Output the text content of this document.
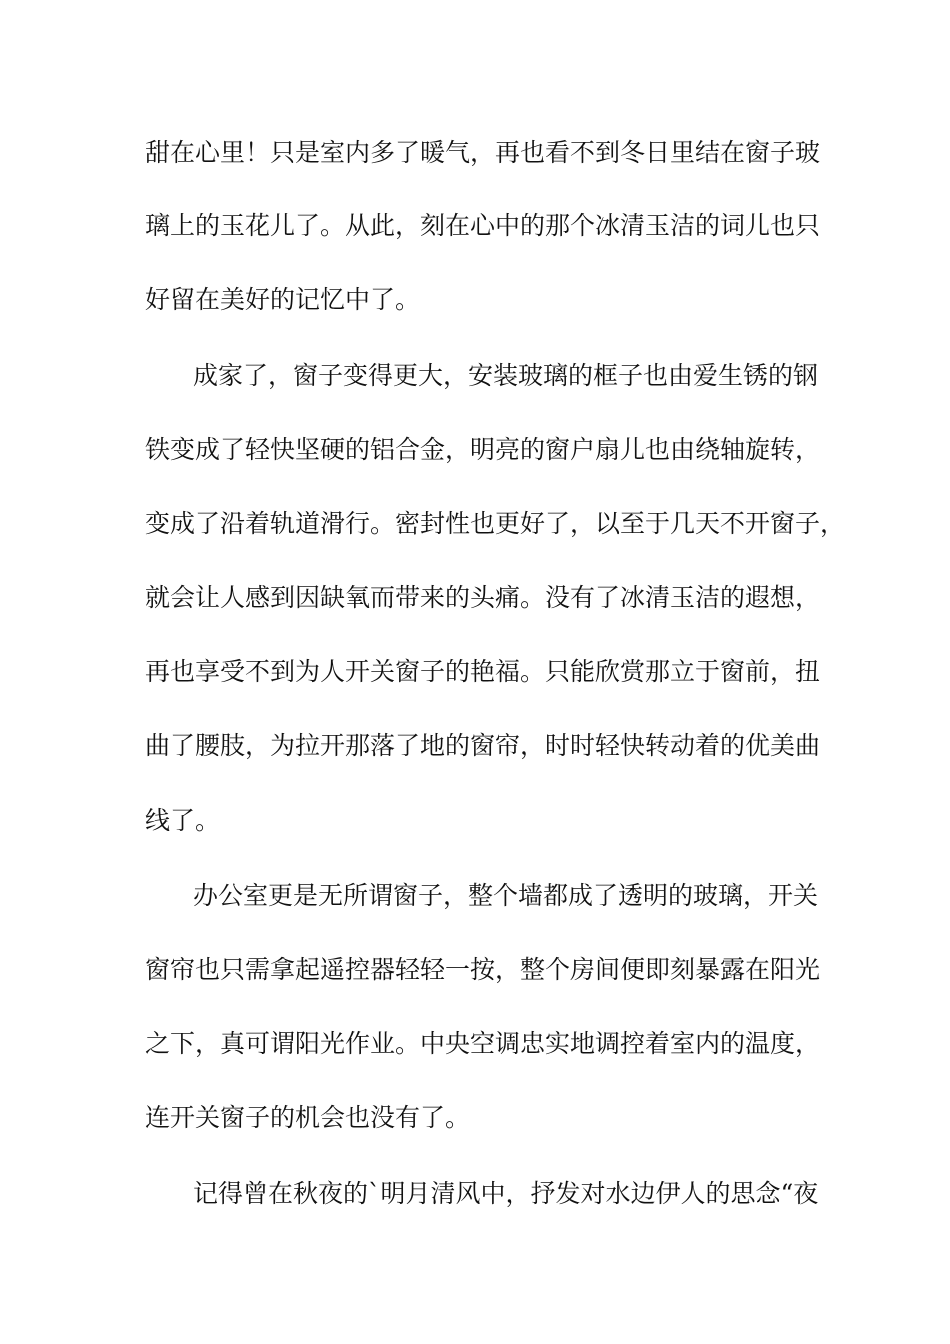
甜在心里！只是室内多了暖气，再也看不到冬日里结在窗子玻
璃上的玉花儿了。从此，刻在心中的那个冰清玉洁的词儿也只
好留在美好的记忆中了。
成家了，窗子变得更大，安装玻璃的框子也由爱生锈的钢
铁变成了轻快坚硬的铝合金，明亮的窗户扇儿也由绕轴旋转，
变成了沿着轨道滑行。密封性也更好了，以至于几天不开窗子，
就会让人感到因缺氧而带来的头痛。没有了冰清玉洁的遐想，
再也享受不到为人开关窗子的艳福。只能欣赏那立于窗前，扭
曲了腰肢，为拉开那落了地的窗帘，时时轻快转动着的优美曲
线了。
办公室更是无所谓窗子，整个墙都成了透明的玻璃，开关
窗帘也只需拿起遥控器轻轻一按，整个房间便即刻暴露在阳光
之下，真可谓阳光作业。中央空调忠实地调控着室内的温度，
连开关窗子的机会也没有了。
记得曾在秋夜的`明月清风中，抒发对水边伊人的思念“夜
